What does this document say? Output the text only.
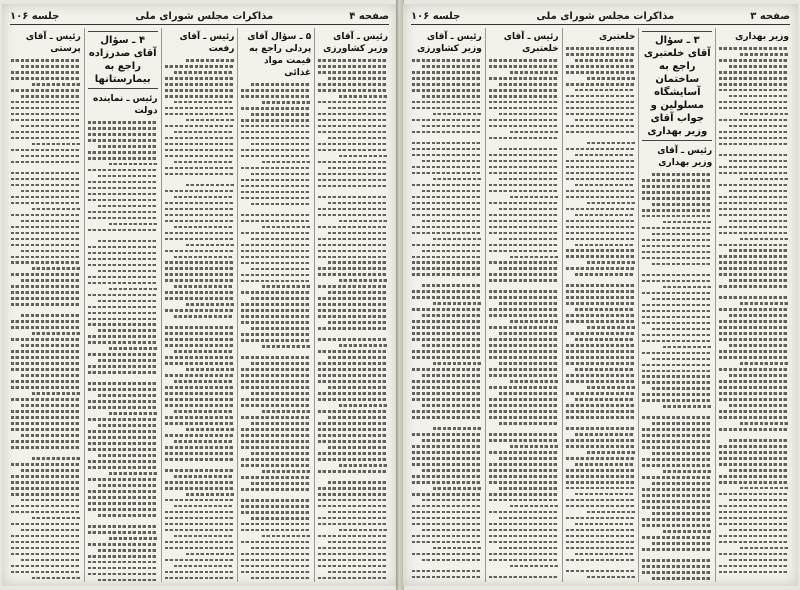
جلسه ۱۰۶	مذاکرات مجلس شورای ملی	صفحه ۴
رئیس ـ آقای وزیر کشاورزی
۵ ـ سؤال آقای پردلی راجع به قیمت مواد غذائی
رئیس ـ آقای رفعت
۴ ـ سؤال آقای صدرزاده راجع به بیمارستانها
رئیس ـ نماینده دولت
رئیس ـ آقای پرستی
جلسه ۱۰۶	مذاکرات مجلس شورای ملی	صفحه ۳
وزیر بهداری
۳ ـ سؤال آقای خلعتبری راجع به ساختمان آسایشگاه مسلولین و جواب آقای وزیر بهداری
رئیس ـ آقای وزیر بهداری
خلعتبری
رئیس ـ آقای خلعتبری
رئیس ـ آقای وزیر کشاورزی
